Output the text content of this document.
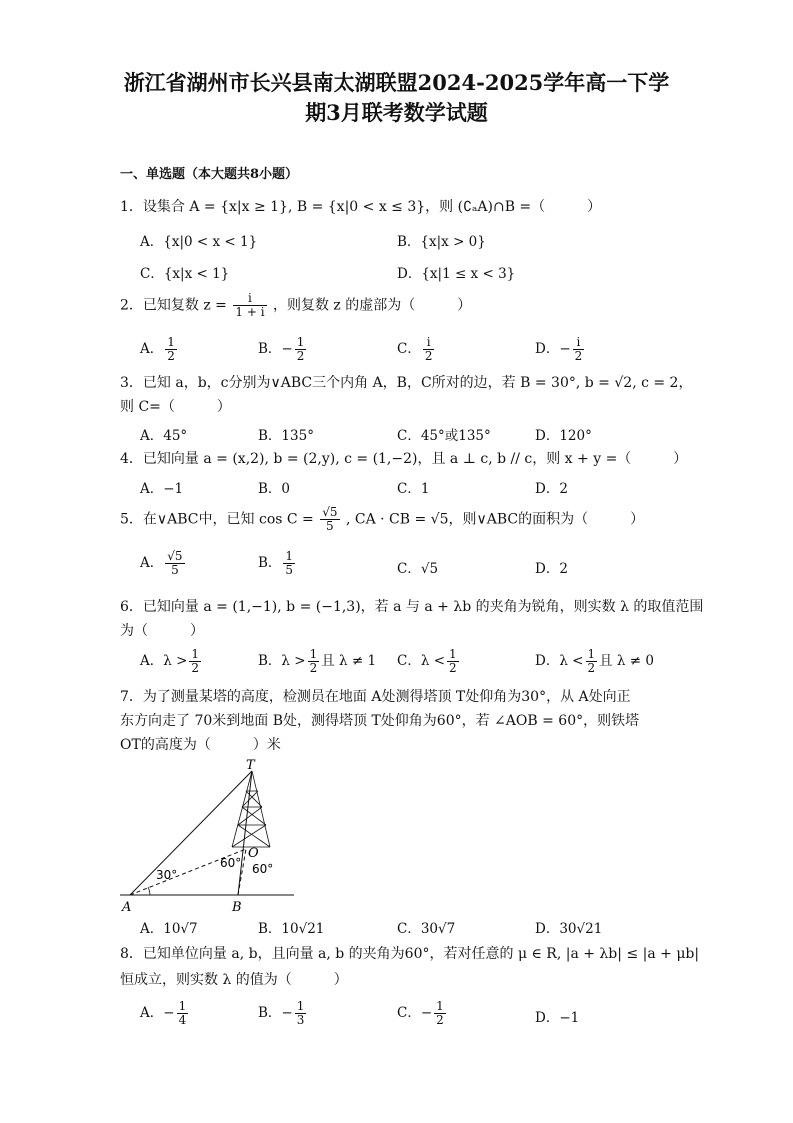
浙江省湖州市长兴县南太湖联盟2024-2025学年高一下学
期3月联考数学试题
一、单选题（本大题共8小题）
1．设集合 A = {x|x ≥ 1}, B = {x|0 < x ≤ 3}，则 (∁ₐA)∩B =（　　　）
A．{x|0 < x < 1}	B．{x|x > 0}
C．{x|x < 1}	D．{x|1 ≤ x < 3}
2．已知复数 $z = \frac{i}{1 + i}$ ，则复数 z 的虚部为（　　　）
A． $\frac{1}{2}$	B．− $\frac{1}{2}$	C． $\frac{i}{2}$	D．− $\frac{i}{2}$
3．已知 a，b，c分别为∨ABC三个内角 A，B，C所对的边，若 B = 30°, b = √2, c = 2，
则 C=（　　　）
A．45°	B．135°	C．45°或135°	D．120°
4．已知向量 a = (x,2), b = (2,y), c = (1,−2)，且 a ⊥ c, b // c，则 x + y =（　　　）
A．−1	B．0	C．1	D．2
5．在∨ABC中，已知 $\cos C = \frac{√5}{5}$ , CA · CB = √5，则∨ABC的面积为（　　　）
A． $\frac{√5}{5}$	B． $\frac{1}{5}$	C．√5	D．2
6．已知向量 a = (1,−1), b = (−1,3)，若 a 与 a + λb 的夹角为锐角，则实数 λ 的取值范围
为（　　　）
A．$\lambda > \frac{1}{2}$	B．$\lambda > \frac{1}{2}$ 且 λ ≠ 1 C．$\lambda < \frac{1}{2}$	D．$\lambda < \frac{1}{2}$ 且 λ ≠ 0
7．为了测量某塔的高度，检测员在地面 A处测得塔顶 T处仰角为30°，从 A处向正
东方向走了 70米到地面 B处，测得塔顶 T处仰角为60°，若 ∠AOB = 60°，则铁塔
OT的高度为（　　　）米
T
O
A	B
30°
60° 60°
A．10√7	B．10√21	C．30√7	D．30√21
8．已知单位向量 a, b，且向量 a, b 的夹角为60°，若对任意的 μ ∈ R, |a + λb| ≤ |a + μb|
恒成立，则实数 λ 的值为（　　　）
A．− $\frac{1}{4}$	B．− $\frac{1}{3}$	C．− $\frac{1}{2}$	D．−1
